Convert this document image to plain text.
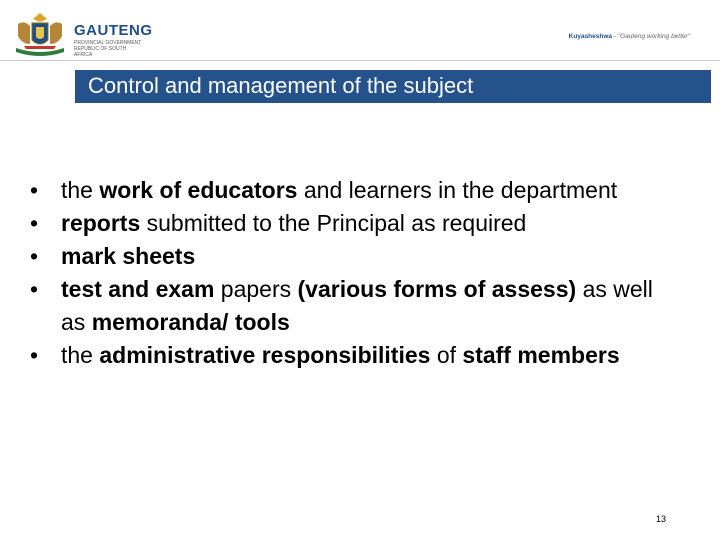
GAUTENG
PROVINCIAL GOVERNMENT
REPUBLIC OF SOUTH AFRICA
Kuyasheshwa - "Gauteng working better"
Control and management of the subject
• the work of educators and learners in the department
• reports submitted to the Principal as required
• mark sheets
• test and exam papers (various forms of assess) as well as memoranda/ tools
• the administrative responsibilities of staff members
13
